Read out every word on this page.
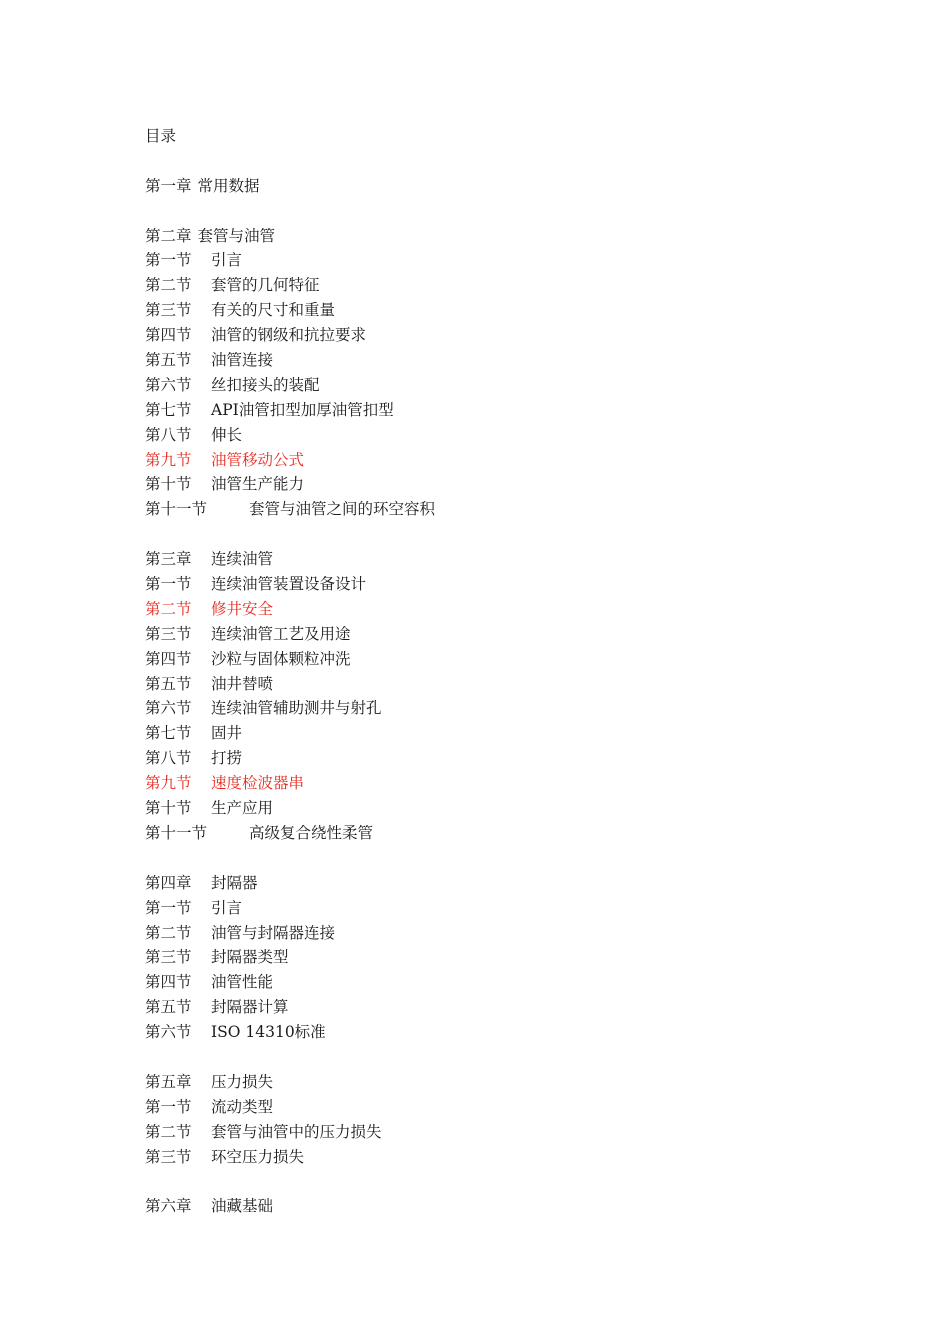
目录
第一章 常用数据
第二章 套管与油管
第一节	引言
第二节	套管的几何特征
第三节	有关的尺寸和重量
第四节	油管的钢级和抗拉要求
第五节	油管连接
第六节	丝扣接头的装配
第七节	API油管扣型加厚油管扣型
第八节	伸长
第九节	油管移动公式
第十节	油管生产能力
第十一节	套管与油管之间的环空容积
第三章	连续油管
第一节	连续油管装置设备设计
第二节	修井安全
第三节	连续油管工艺及用途
第四节	沙粒与固体颗粒冲洗
第五节	油井替喷
第六节	连续油管辅助测井与射孔
第七节	固井
第八节	打捞
第九节	速度检波器串
第十节	生产应用
第十一节	高级复合绕性柔管
第四章	封隔器
第一节	引言
第二节	油管与封隔器连接
第三节	封隔器类型
第四节	油管性能
第五节	封隔器计算
第六节	ISO 14310标准
第五章	压力损失
第一节	流动类型
第二节	套管与油管中的压力损失
第三节	环空压力损失
第六章	油藏基础
